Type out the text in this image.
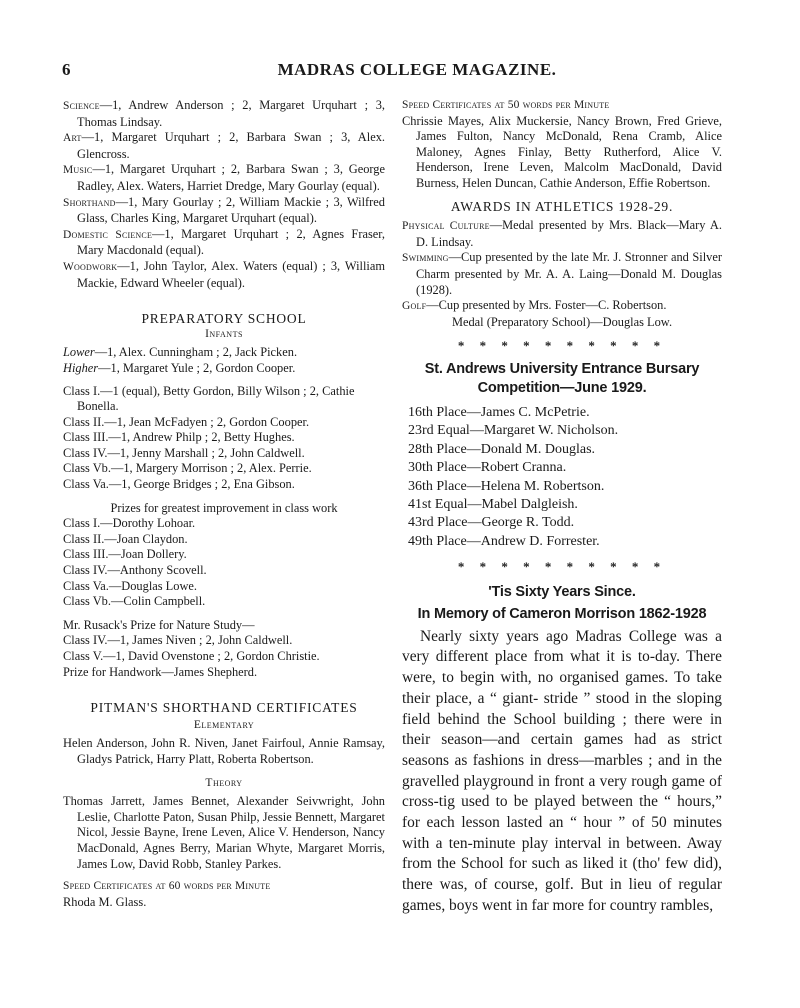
6	MADRAS COLLEGE MAGAZINE.

Science—1, Andrew Anderson ; 2, Margaret Urquhart ; 3, Thomas Lindsay.

Art—1, Margaret Urquhart ; 2, Barbara Swan ; 3, Alex. Glencross.

Music—1, Margaret Urquhart ; 2, Barbara Swan ; 3, George Radley, Alex. Waters, Harriet Dredge, Mary Gourlay (equal).

Shorthand—1, Mary Gourlay ; 2, William Mackie ; 3, Wilfred Glass, Charles King, Margaret Urquhart (equal).

Domestic Science—1, Margaret Urquhart ; 2, Agnes Fraser, Mary Macdonald (equal).

Woodwork—1, John Taylor, Alex. Waters (equal) ; 3, William Mackie, Edward Wheeler (equal).

PREPARATORY SCHOOL

Infants

Lower—1, Alex. Cunningham ; 2, Jack Picken.

Higher—1, Margaret Yule ; 2, Gordon Cooper.

Class I.—1 (equal), Betty Gordon, Billy Wilson ; 2, Cathie Bonella.

Class II.—1, Jean McFadyen ; 2, Gordon Cooper.

Class III.—1, Andrew Philp ; 2, Betty Hughes.

Class IV.—1, Jenny Marshall ; 2, John Caldwell.

Class Vb.—1, Margery Morrison ; 2, Alex. Perrie.

Class Va.—1, George Bridges ; 2, Ena Gibson.

Prizes for greatest improvement in class work

Class I.—Dorothy Lohoar.

Class II.—Joan Claydon.

Class III.—Joan Dollery.

Class IV.—Anthony Scovell.

Class Va.—Douglas Lowe.

Class Vb.—Colin Campbell.

Mr. Rusack's Prize for Nature Study—

Class IV.—1, James Niven ; 2, John Caldwell.

Class V.—1, David Ovenstone ; 2, Gordon Christie.

Prize for Handwork—James Shepherd.

PITMAN'S SHORTHAND CERTIFICATES

Elementary

Helen Anderson, John R. Niven, Janet Fairfoul, Annie Ramsay, Gladys Patrick, Harry Platt, Roberta Robertson.

Theory

Thomas Jarrett, James Bennet, Alexander Seivwright, John Leslie, Charlotte Paton, Susan Philp, Jessie Bennett, Margaret Nicol, Jessie Bayne, Irene Leven, Alice V. Henderson, Nancy MacDonald, Agnes Berry, Marian Whyte, Margaret Morris, James Low, David Robb, Stanley Parkes.

Speed Certificates at 60 words per Minute

Rhoda M. Glass.

Speed Certificates at 50 words per Minute

Chrissie Mayes, Alix Muckersie, Nancy Brown, Fred Grieve, James Fulton, Nancy McDonald, Rena Cramb, Alice Maloney, Agnes Finlay, Betty Rutherford, Alice V. Henderson, Irene Leven, Malcolm MacDonald, David Burness, Helen Duncan, Cathie Anderson, Effie Robertson.

AWARDS IN ATHLETICS 1928-29.

Physical Culture—Medal presented by Mrs. Black—Mary A. D. Lindsay.

Swimming—Cup presented by the late Mr. J. Stronner and Silver Charm presented by Mr. A. A. Laing—Donald M. Douglas (1928).

Golf—Cup presented by Mrs. Foster—C. Robertson.

Medal (Preparatory School)—Douglas Low.

* * * * * * * * * *

St. Andrews University Entrance Bursary

Competition—June 1929.

16th Place—James C. McPetrie.

23rd Equal—Margaret W. Nicholson.

28th Place—Donald M. Douglas.

30th Place—Robert Cranna.

36th Place—Helena M. Robertson.

41st Equal—Mabel Dalgleish.

43rd Place—George R. Todd.

49th Place—Andrew D. Forrester.

* * * * * * * * * *

'Tis Sixty Years Since.

In Memory of Cameron Morrison 1862-1928

Nearly sixty years ago Madras College was a very different place from what it is to-day. There were, to begin with, no organised games. To take their place, a “ giant- stride ” stood in the sloping field behind the School building ; there were in their season—and certain games had as strict seasons as fashions in dress—marbles ; and in the gravelled playground in front a very rough game of cross-tig used to be played between the “ hours,” for each lesson lasted an “ hour ” of 50 minutes with a ten-minute play interval in between. Away from the School for such as liked it (tho' few did), there was, of course, golf. But in lieu of regular games, boys went in far more for country rambles,
